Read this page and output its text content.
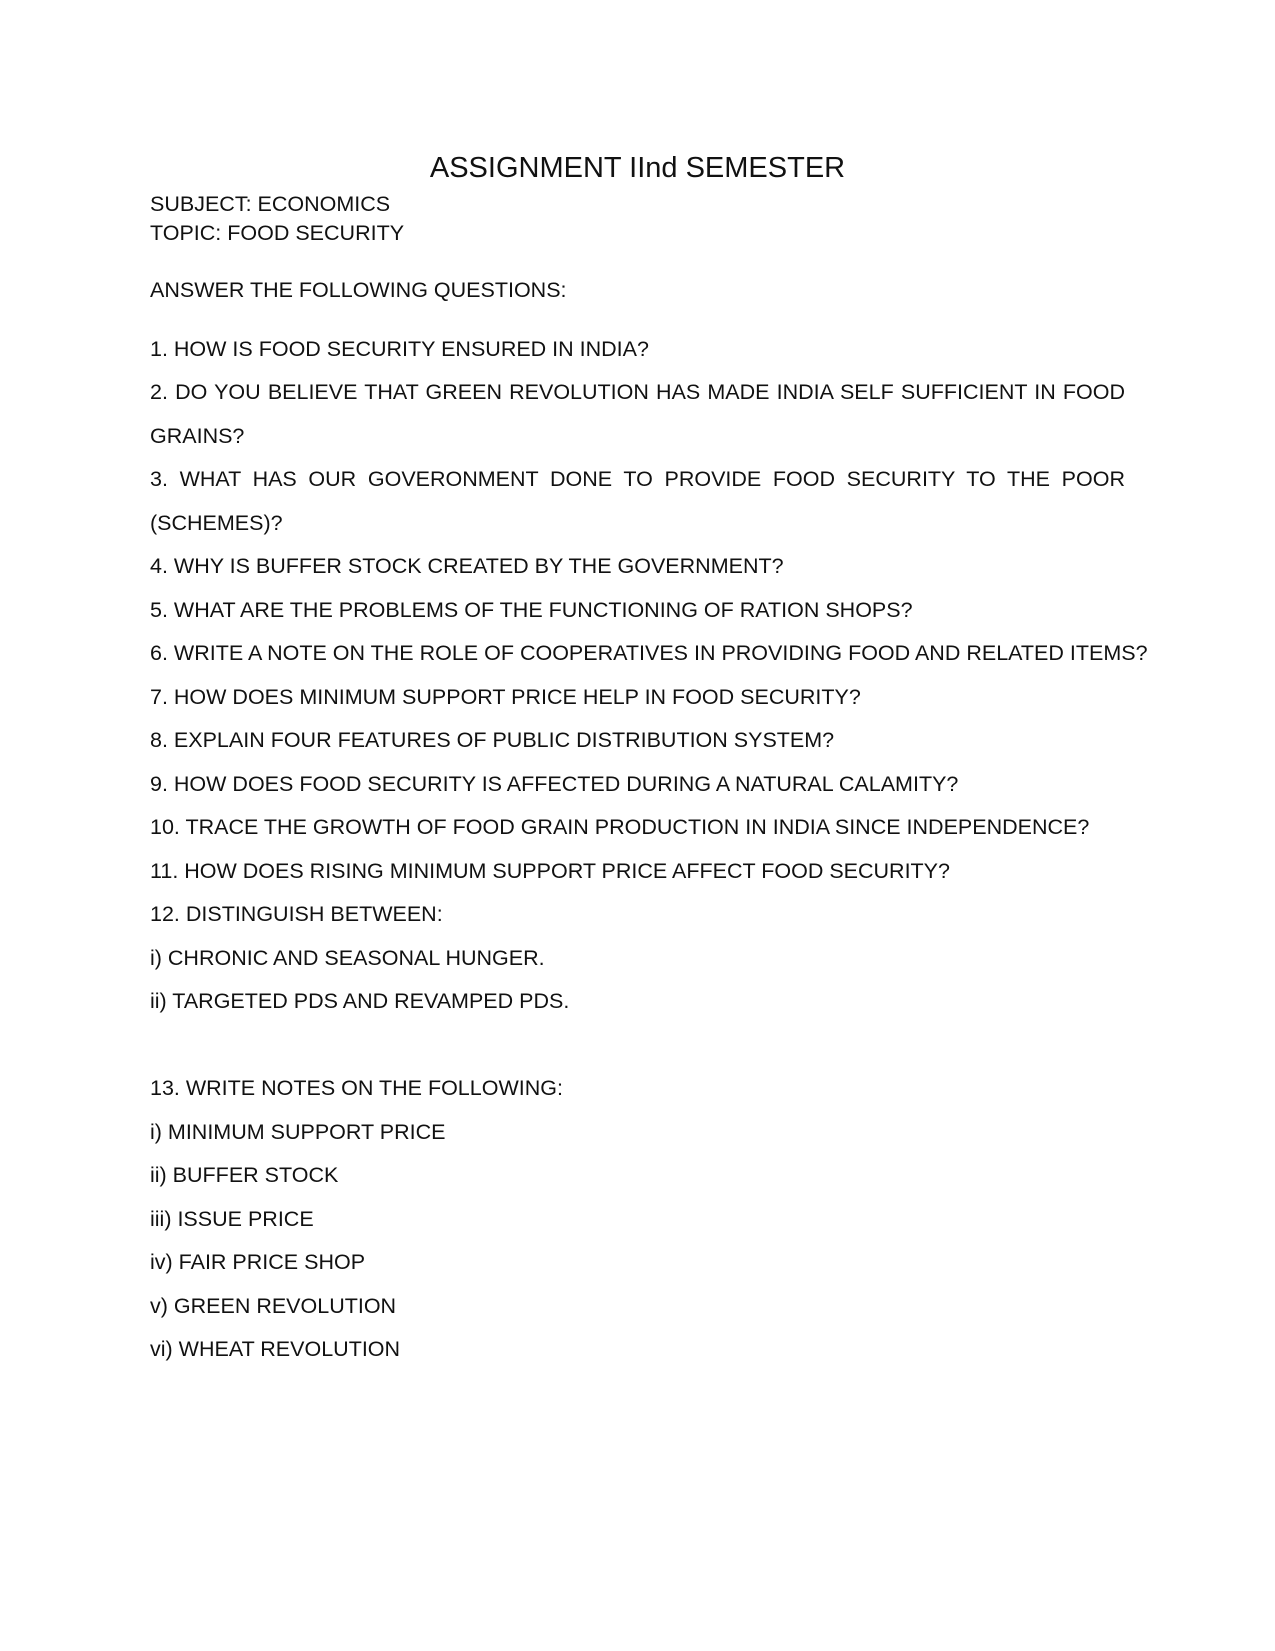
ASSIGNMENT IInd SEMESTER
SUBJECT: ECONOMICS
TOPIC: FOOD SECURITY
ANSWER THE FOLLOWING QUESTIONS:
1. HOW IS FOOD SECURITY ENSURED IN INDIA?
2. DO YOU BELIEVE THAT GREEN REVOLUTION HAS MADE INDIA SELF SUFFICIENT IN FOOD
GRAINS?
3. WHAT HAS OUR GOVERONMENT DONE TO PROVIDE FOOD SECURITY TO THE POOR
(SCHEMES)?
4. WHY IS BUFFER STOCK CREATED BY THE GOVERNMENT?
5. WHAT ARE THE PROBLEMS OF THE FUNCTIONING OF RATION SHOPS?
6. WRITE A NOTE ON THE ROLE OF COOPERATIVES IN PROVIDING FOOD AND RELATED ITEMS?
7. HOW DOES MINIMUM SUPPORT PRICE HELP IN FOOD SECURITY?
8. EXPLAIN FOUR FEATURES OF PUBLIC DISTRIBUTION SYSTEM?
9. HOW DOES FOOD SECURITY IS AFFECTED DURING A NATURAL CALAMITY?
10. TRACE THE GROWTH OF FOOD GRAIN PRODUCTION IN INDIA SINCE INDEPENDENCE?
11. HOW DOES RISING MINIMUM SUPPORT PRICE AFFECT FOOD SECURITY?
12. DISTINGUISH BETWEEN:
i) CHRONIC AND SEASONAL HUNGER.
ii) TARGETED PDS AND REVAMPED PDS.
13. WRITE NOTES ON THE FOLLOWING:
i) MINIMUM SUPPORT PRICE
ii) BUFFER STOCK
iii) ISSUE PRICE
iv) FAIR PRICE SHOP
v) GREEN REVOLUTION
vi) WHEAT REVOLUTION
